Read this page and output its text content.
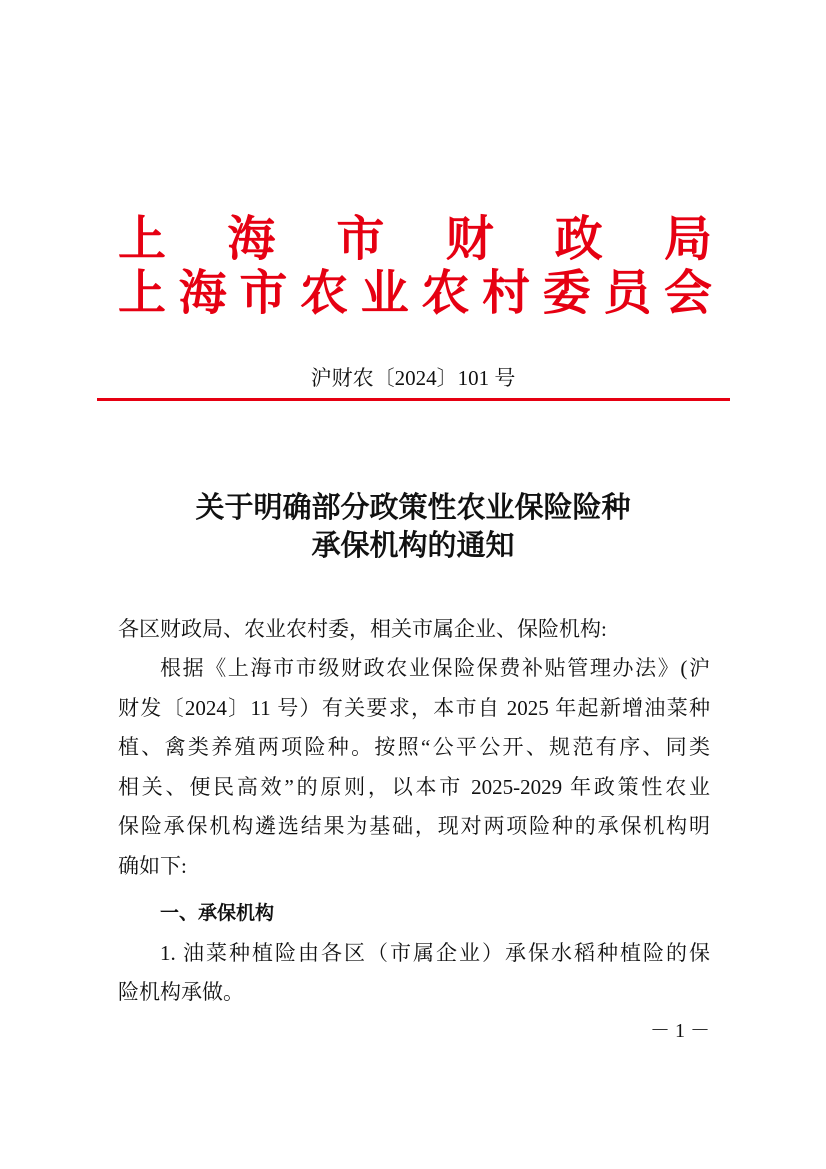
上　海　市　财　政　局
上海市农业农村委员会
沪财农〔2024〕101 号
关于明确部分政策性农业保险险种
承保机构的通知
各区财政局、农业农村委，相关市属企业、保险机构:
根据《上海市市级财政农业保险保费补贴管理办法》(沪
财发〔2024〕11 号）有关要求，本市自 2025 年起新增油菜种
植、禽类养殖两项险种。按照“公平公开、规范有序、同类
相关、便民高效”的原则，以本市 2025-2029 年政策性农业
保险承保机构遴选结果为基础，现对两项险种的承保机构明
确如下:
一、承保机构
1. 油菜种植险由各区（市属企业）承保水稻种植险的保
险机构承做。
－ 1 －
